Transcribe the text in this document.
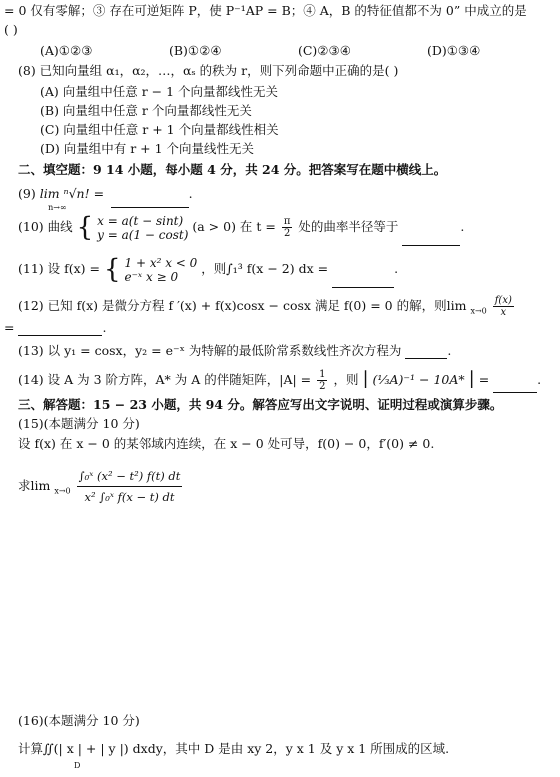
= 0 仅有零解；③ 存在可逆矩阵 P，使 P⁻¹AP = B；④ A，B 的特征值都不为 0” 中成立的是
( )
(A)①②③	(B)①②④	(C)②③④	(D)①③④
(8) 已知向量组 α₁，α₂，…，αₛ 的秩为 r，则下列命题中正确的是( )
(A) 向量组中任意 r − 1 个向量都线性无关
(B) 向量组中任意 r 个向量都线性无关
(C) 向量组中任意 r + 1 个向量都线性相关
(D) 向量组中有 r + 1 个向量线性无关
二、填空题：9 14 小题，每小题 4 分，共 24 分。把答案写在题中横线上。
(9) lim ⁿ√n! = $_{n\to\infty}$ .
(10) 曲线 { x = a(t − sint)
y = a(1 − cost)
(a > 0) 在 $t = \frac{\pi}{2}$ 处的曲率半径等于	.
(11) 设 f(x) = { 1 + x² x < 0
e⁻ˣ x ≥ 0
，则∫₁³ f(x − 2) dx =	.
(12) 已知 f(x) 是微分方程 f ′(x) + f(x)cosx − cosx 满足 f(0) = 0 的解，则$\lim _{x\to 0} \frac{f(x)}{x}$
=	.
(13) 以 y₁ = cosx，y₂ = e⁻ˣ 为特解的最低阶常系数线性齐次方程为	.
(14) 设 A 为 3 阶方阵，A* 为 A 的伴随矩阵，$|A| = \frac{1}{2}$ ，则 | (⅓A)⁻¹ − 10A* | =	.
三、解答题：15 − 23 小题，共 94 分。解答应写出文字说明、证明过程或演算步骤。
(15)(本题满分 10 分)
设 f(x) 在 x − 0 的某邻域内连续，在 x − 0 处可导，f(0) − 0，f′(0) ≠ 0.
求$\lim _{x\to 0} \frac{\text{∫₀ˣ (x² − t²) f(t) dt}}{\text{x² ∫₀ˣ f(x − t) dt}}$
(16)(本题满分 10 分)
计算∬(| x | + | y |) dxdy，其中 D 是由 xy 2，y x 1 及 y x 1 所围成的区域.
D
